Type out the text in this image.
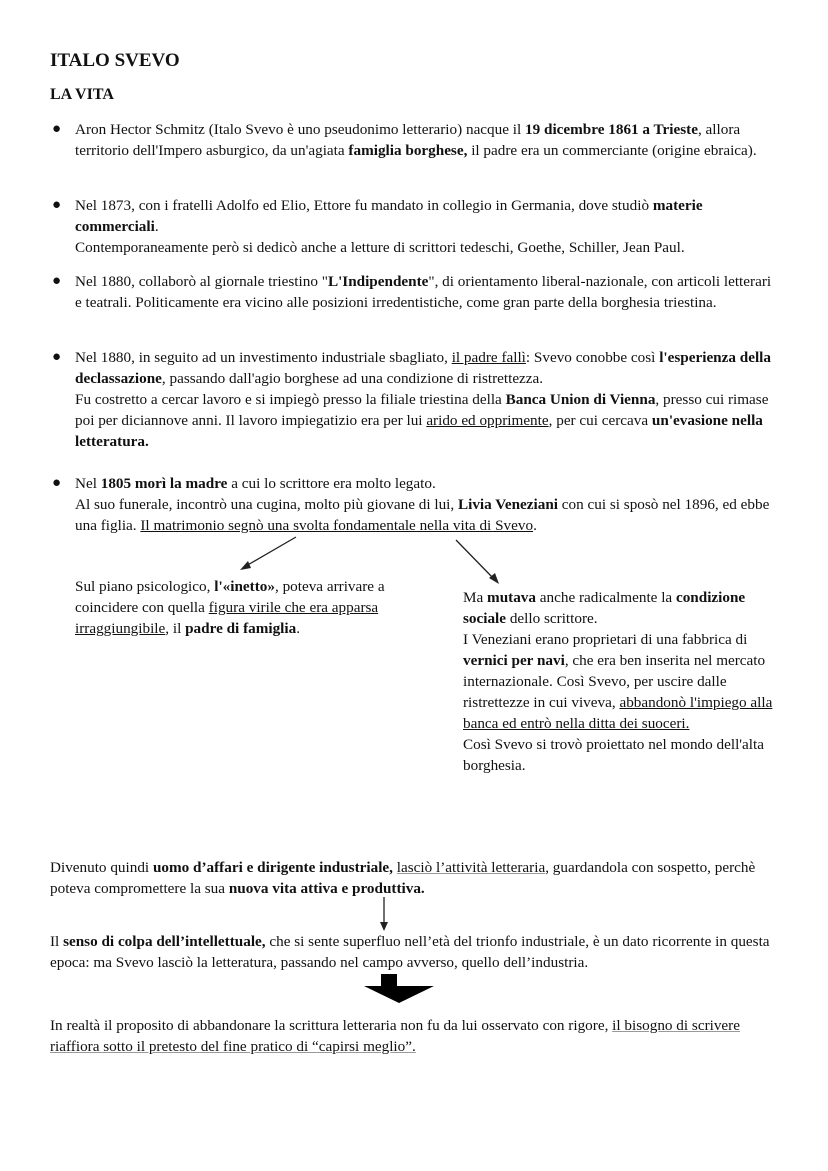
ITALO SVEVO
LA VITA
● Aron Hector Schmitz (Italo Svevo è uno pseudonimo letterario) nacque il 19 dicembre 1861 a Trieste, allora territorio dell'Impero asburgico, da un'agiata famiglia borghese, il padre era un commerciante (origine ebraica).
● Nel 1873, con i fratelli Adolfo ed Elio, Ettore fu mandato in collegio in Germania, dove studiò materie commerciali.
Contemporaneamente però si dedicò anche a letture di scrittori tedeschi, Goethe, Schiller, Jean Paul.
● Nel 1880, collaborò al giornale triestino "L'Indipendente", di orientamento liberal-nazionale, con articoli letterari e teatrali. Politicamente era vicino alle posizioni irredentistiche, come gran parte della borghesia triestina.
● Nel 1880, in seguito ad un investimento industriale sbagliato, il padre fallì: Svevo conobbe così l'esperienza della declassazione, passando dall'agio borghese ad una condizione di ristrettezza.
Fu costretto a cercar lavoro e si impiegò presso la filiale triestina della Banca Union di Vienna, presso cui rimase poi per diciannove anni. Il lavoro impiegatizio era per lui arido ed opprimente, per cui cercava un'evasione nella letteratura.
● Nel 1805 morì la madre a cui lo scrittore era molto legato.
Al suo funerale, incontrò una cugina, molto più giovane di lui, Livia Veneziani con cui si sposò nel 1896, ed ebbe una figlia. Il matrimonio segnò una svolta fondamentale nella vita di Svevo.
Sul piano psicologico, l'«inetto», poteva arrivare a coincidere con quella figura virile che era apparsa irraggiungibile, il padre di famiglia.
Ma mutava anche radicalmente la condizione sociale dello scrittore.
I Veneziani erano proprietari di una fabbrica di vernici per navi, che era ben inserita nel mercato internazionale. Così Svevo, per uscire dalle ristrettezze in cui viveva, abbandonò l'impiego alla banca ed entrò nella ditta dei suoceri.
Così Svevo si trovò proiettato nel mondo dell'alta borghesia.
Divenuto quindi uomo d’affari e dirigente industriale, lasciò l’attività letteraria, guardandola con sospetto, perchè poteva compromettere la sua nuova vita attiva e produttiva.
Il senso di colpa dell’intellettuale, che si sente superfluo nell’età del trionfo industriale, è un dato ricorrente in questa epoca: ma Svevo lasciò la letteratura, passando nel campo avverso, quello dell’industria.
In realtà il proposito di abbandonare la scrittura letteraria non fu da lui osservato con rigore, il bisogno di scrivere riaffiora sotto il pretesto del fine pratico di “capirsi meglio”.
